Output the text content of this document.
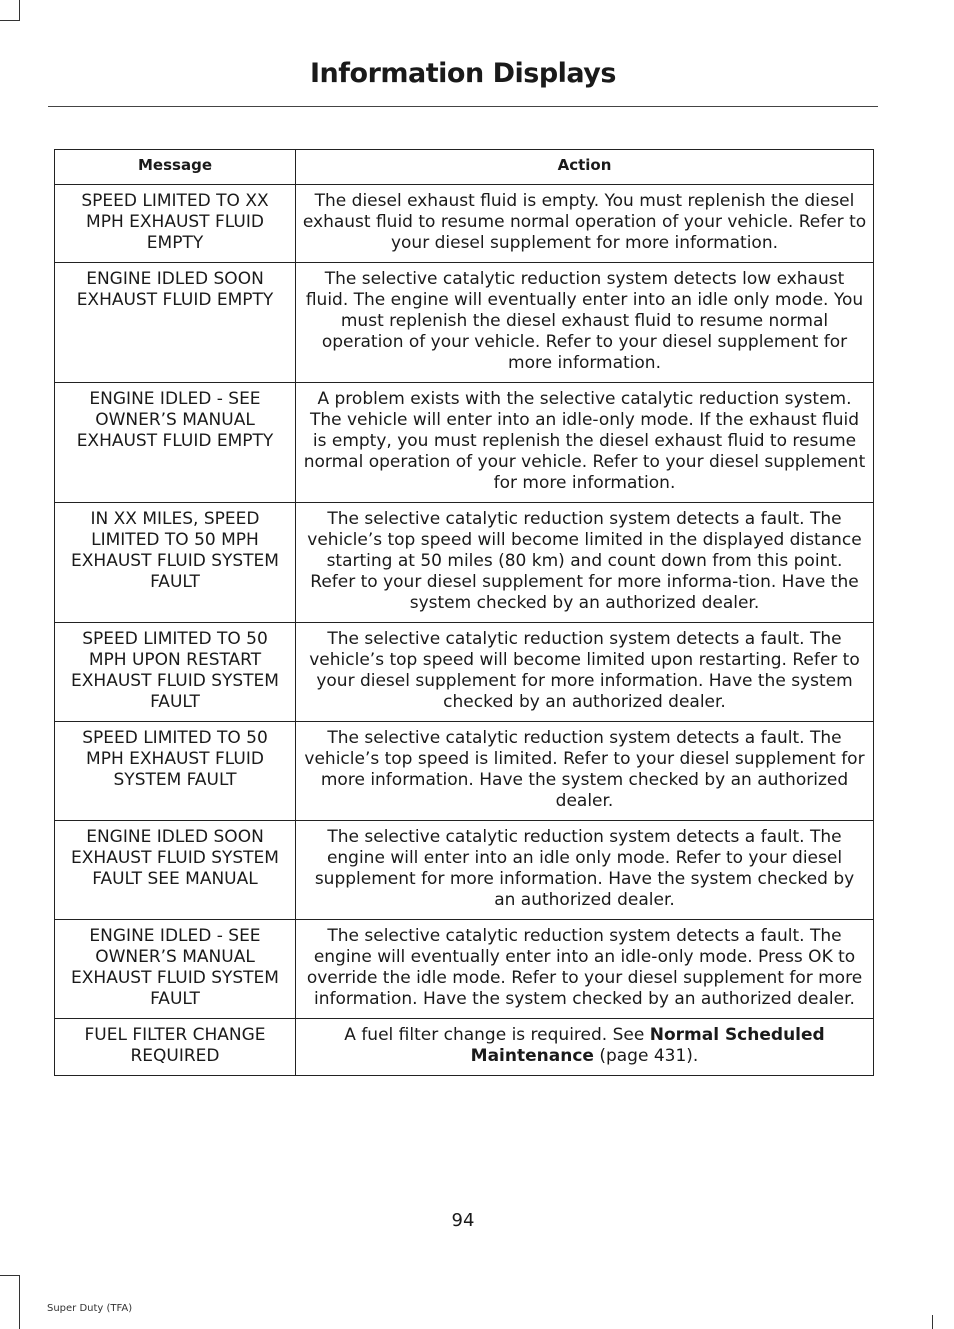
Information Displays
Message	Action
SPEED LIMITED TO XX MPH EXHAUST FLUID EMPTY	The diesel exhaust fluid is empty. You must replenish the diesel exhaust fluid to resume normal operation of your vehicle. Refer to your diesel supplement for more information.
ENGINE IDLED SOON EXHAUST FLUID EMPTY	The selective catalytic reduction system detects low exhaust fluid. The engine will eventually enter into an idle only mode. You must replenish the diesel exhaust fluid to resume normal operation of your vehicle. Refer to your diesel supplement for more information.
ENGINE IDLED - SEE OWNER’S MANUAL EXHAUST FLUID EMPTY	A problem exists with the selective catalytic reduction system. The vehicle will enter into an idle-only mode. If the exhaust fluid is empty, you must replenish the diesel exhaust fluid to resume normal operation of your vehicle. Refer to your diesel supplement for more information.
IN XX MILES, SPEED LIMITED TO 50 MPH EXHAUST FLUID SYSTEM FAULT	The selective catalytic reduction system detects a fault. The vehicle’s top speed will become limited in the displayed distance starting at 50 miles (80 km) and count down from this point. Refer to your diesel supplement for more informa-tion. Have the system checked by an authorized dealer.
SPEED LIMITED TO 50 MPH UPON RESTART EXHAUST FLUID SYSTEM FAULT	The selective catalytic reduction system detects a fault. The vehicle’s top speed will become limited upon restarting. Refer to your diesel supplement for more information. Have the system checked by an authorized dealer.
SPEED LIMITED TO 50 MPH EXHAUST FLUID SYSTEM FAULT	The selective catalytic reduction system detects a fault. The vehicle’s top speed is limited. Refer to your diesel supplement for more information. Have the system checked by an authorized dealer.
ENGINE IDLED SOON EXHAUST FLUID SYSTEM FAULT SEE MANUAL	The selective catalytic reduction system detects a fault. The engine will enter into an idle only mode. Refer to your diesel supplement for more information. Have the system checked by an authorized dealer.
ENGINE IDLED - SEE OWNER’S MANUAL EXHAUST FLUID SYSTEM FAULT	The selective catalytic reduction system detects a fault. The engine will eventually enter into an idle-only mode. Press OK to override the idle mode. Refer to your diesel supplement for more information. Have the system checked by an authorized dealer.
FUEL FILTER CHANGE REQUIRED	A fuel filter change is required. See Normal Scheduled Maintenance (page 431).
94
Super Duty (TFA)
